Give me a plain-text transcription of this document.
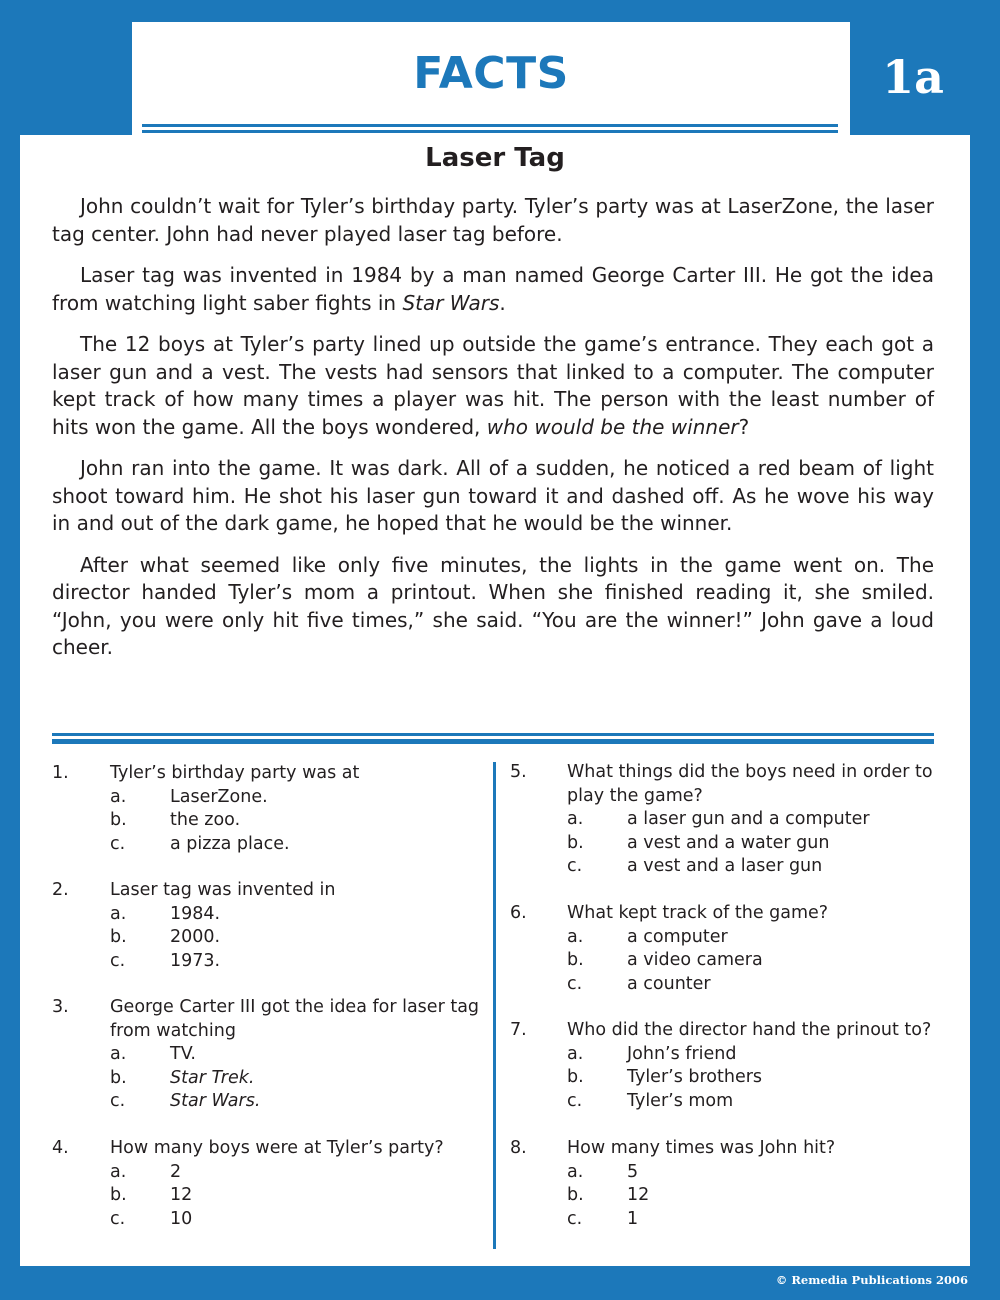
FACTS	1a
Laser Tag

John couldn’t wait for Tyler’s birthday party. Tyler’s party was at LaserZone, the laser tag center. John had never played laser tag before.

Laser tag was invented in 1984 by a man named George Carter III. He got the idea from watching light saber fights in Star Wars.

The 12 boys at Tyler’s party lined up outside the game’s entrance. They each got a laser gun and a vest. The vests had sensors that linked to a computer. The computer kept track of how many times a player was hit. The person with the least number of hits won the game. All the boys wondered, who would be the winner?

John ran into the game. It was dark. All of a sudden, he noticed a red beam of light shoot toward him. He shot his laser gun toward it and dashed off. As he wove his way in and out of the dark game, he hoped that he would be the winner.

After what seemed like only five minutes, the lights in the game went on. The director handed Tyler’s mom a printout. When she finished reading it, she smiled. “John, you were only hit five times,” she said. “You are the winner!” John gave a loud cheer.

1. Tyler’s birthday party was at
a. LaserZone.
b. the zoo.
c.	a pizza place.
2. Laser tag was invented in
a. 1984.
b. 2000.
c.	1973.
3. George Carter III got the idea for laser tag
from watching
a. TV.
b. Star Trek.
c.	Star Wars.
4. How many boys were at Tyler’s party?
a. 2
b. 12
c.	10
5. What things did the boys need in order to
play the game?
a. a laser gun and a computer
b. a vest and a water gun
c.	a vest and a laser gun
6. What kept track of the game?
a. a computer
b. a video camera
c.	a counter
7. Who did the director hand the prinout to?
a. John’s friend
b. Tyler’s brothers
c.	Tyler’s mom
8. How many times was John hit?
a. 5
b. 12
c.	1
© Remedia Publications 2006
